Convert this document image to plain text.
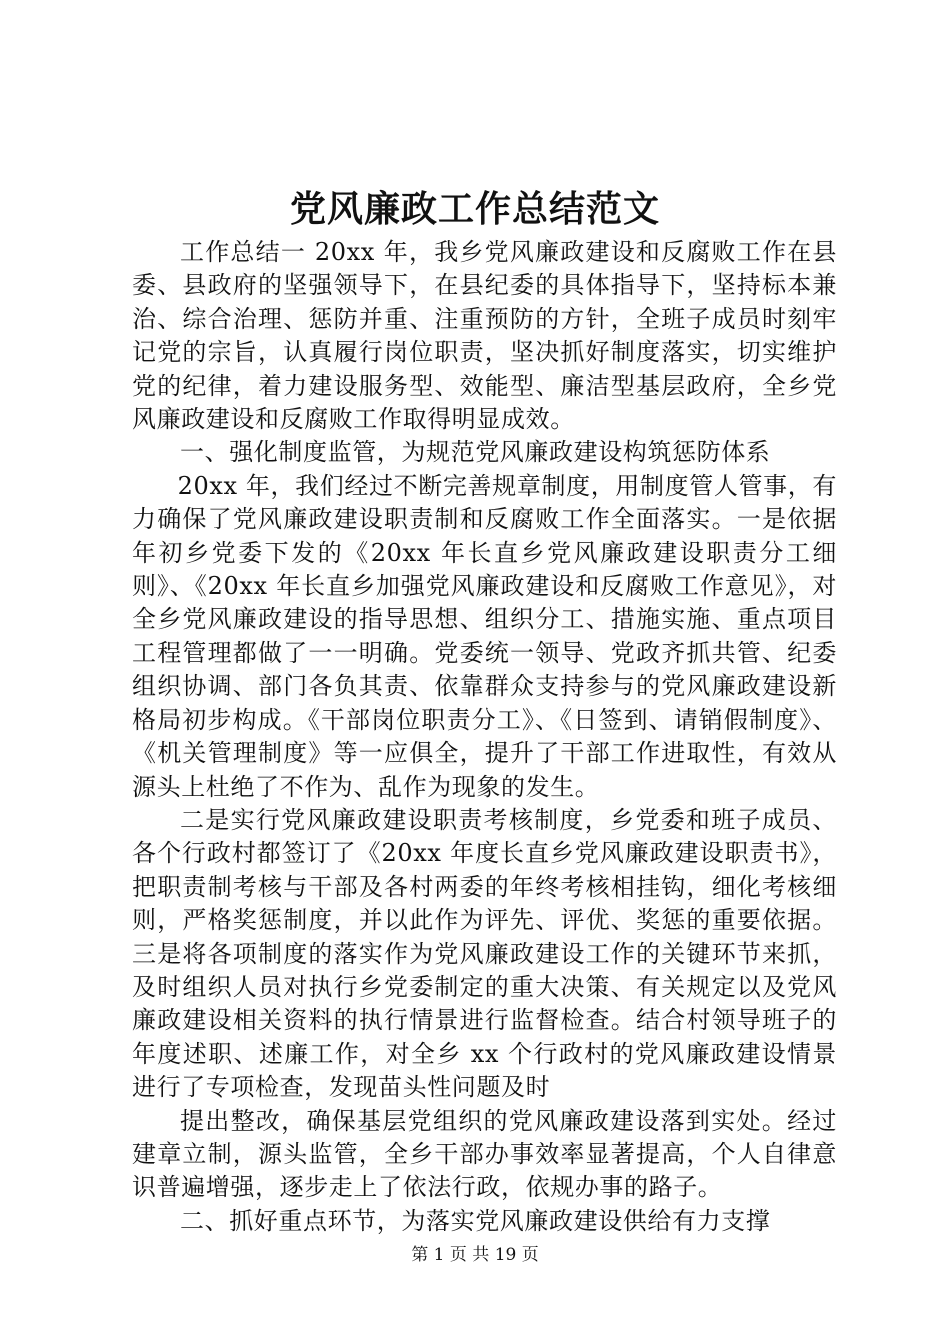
党风廉政工作总结范文

工作总结一 20xx 年，我乡党风廉政建设和反腐败工作在县委、县政府的坚强领导下，在县纪委的具体指导下，坚持标本兼治、综合治理、惩防并重、注重预防的方针，全班子成员时刻牢记党的宗旨，认真履行岗位职责，坚决抓好制度落实，切实维护党的纪律，着力建设服务型、效能型、廉洁型基层政府，全乡党风廉政建设和反腐败工作取得明显成效。

一、强化制度监管，为规范党风廉政建设构筑惩防体系

20xx 年，我们经过不断完善规章制度，用制度管人管事，有力确保了党风廉政建设职责制和反腐败工作全面落实。一是依据年初乡党委下发的《20xx 年长直乡党风廉政建设职责分工细则》、《20xx 年长直乡加强党风廉政建设和反腐败工作意见》，对全乡党风廉政建设的指导思想、组织分工、措施实施、重点项目工程管理都做了一一明确。党委统一领导、党政齐抓共管、纪委组织协调、部门各负其责、依靠群众支持参与的党风廉政建设新格局初步构成。《干部岗位职责分工》、《日签到、请销假制度》、《机关管理制度》等一应俱全，提升了干部工作进取性，有效从源头上杜绝了不作为、乱作为现象的发生。

二是实行党风廉政建设职责考核制度，乡党委和班子成员、各个行政村都签订了《20xx 年度长直乡党风廉政建设职责书》，把职责制考核与干部及各村两委的年终考核相挂钩，细化考核细则，严格奖惩制度，并以此作为评先、评优、奖惩的重要依据。三是将各项制度的落实作为党风廉政建设工作的关键环节来抓，及时组织人员对执行乡党委制定的重大决策、有关规定以及党风廉政建设相关资料的执行情景进行监督检查。结合村领导班子的年度述职、述廉工作，对全乡 xx 个行政村的党风廉政建设情景进行了专项检查，发现苗头性问题及时

提出整改，确保基层党组织的党风廉政建设落到实处。经过建章立制，源头监管，全乡干部办事效率显著提高，个人自律意识普遍增强，逐步走上了依法行政，依规办事的路子。

二、抓好重点环节，为落实党风廉政建设供给有力支撑

第 1 页 共 19 页
